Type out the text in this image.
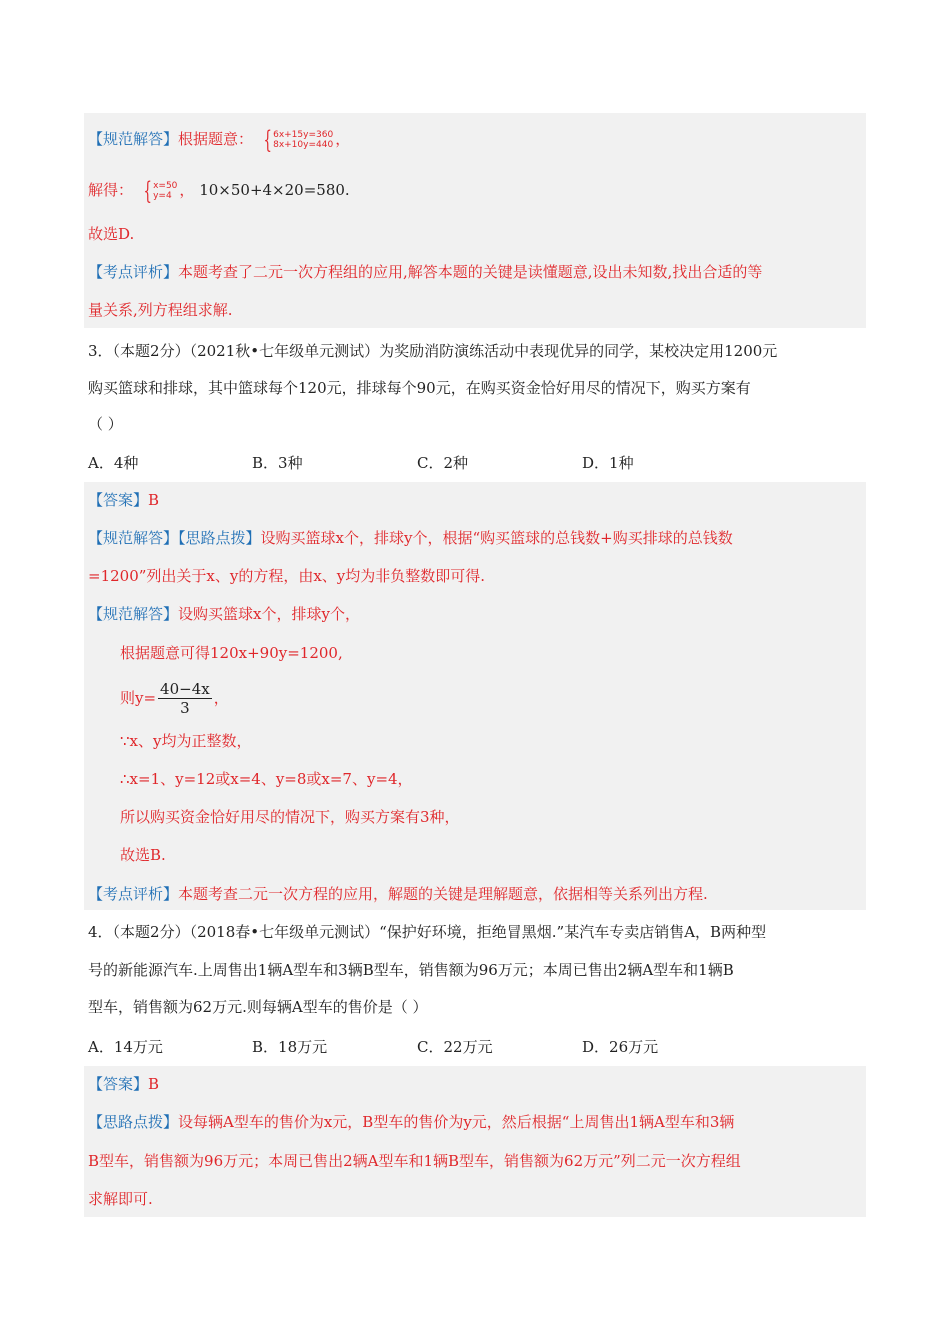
【规范解答】根据题意： { 6x+15y=360
8x+10y=440 ，
解得： { x=50
y=4 ， 10×50+4×20=580.
故选D.
【考点评析】本题考查了二元一次方程组的应用,解答本题的关键是读懂题意,设出未知数,找出合适的等
量关系,列方程组求解.
3．（本题2分）（2021秋•七年级单元测试）为奖励消防演练活动中表现优异的同学，某校决定用1200元
购买篮球和排球，其中篮球每个120元，排球每个90元，在购买资金恰好用尽的情况下，购买方案有
（ ）
A．4种	B．3种	C．2种	D．1种
【答案】B
【规范解答】【思路点拨】设购买篮球x个，排球y个，根据“购买篮球的总钱数+购买排球的总钱数
=1200”列出关于x、y的方程，由x、y均为非负整数即可得.
【规范解答】设购买篮球x个，排球y个，
根据题意可得120x+90y=1200,
则$y= \frac{40-4x}{3}$ ，
∵x、y均为正整数，
∴x=1、y=12或x=4、y=8或x=7、y=4，
所以购买资金恰好用尽的情况下，购买方案有3种，
故选B.
【考点评析】本题考查二元一次方程的应用，解题的关键是理解题意，依据相等关系列出方程.
4．（本题2分）（2018春•七年级单元测试）“保护好环境，拒绝冒黑烟.”某汽车专卖店销售A，B两种型
号的新能源汽车.上周售出1辆A型车和3辆B型车，销售额为96万元；本周已售出2辆A型车和1辆B
型车，销售额为62万元.则每辆A型车的售价是（ ）
A．14万元	B．18万元	C．22万元	D．26万元
【答案】B
【思路点拨】设每辆A型车的售价为x元，B型车的售价为y元，然后根据“上周售出1辆A型车和3辆
B型车，销售额为96万元；本周已售出2辆A型车和1辆B型车，销售额为62万元”列二元一次方程组
求解即可.
